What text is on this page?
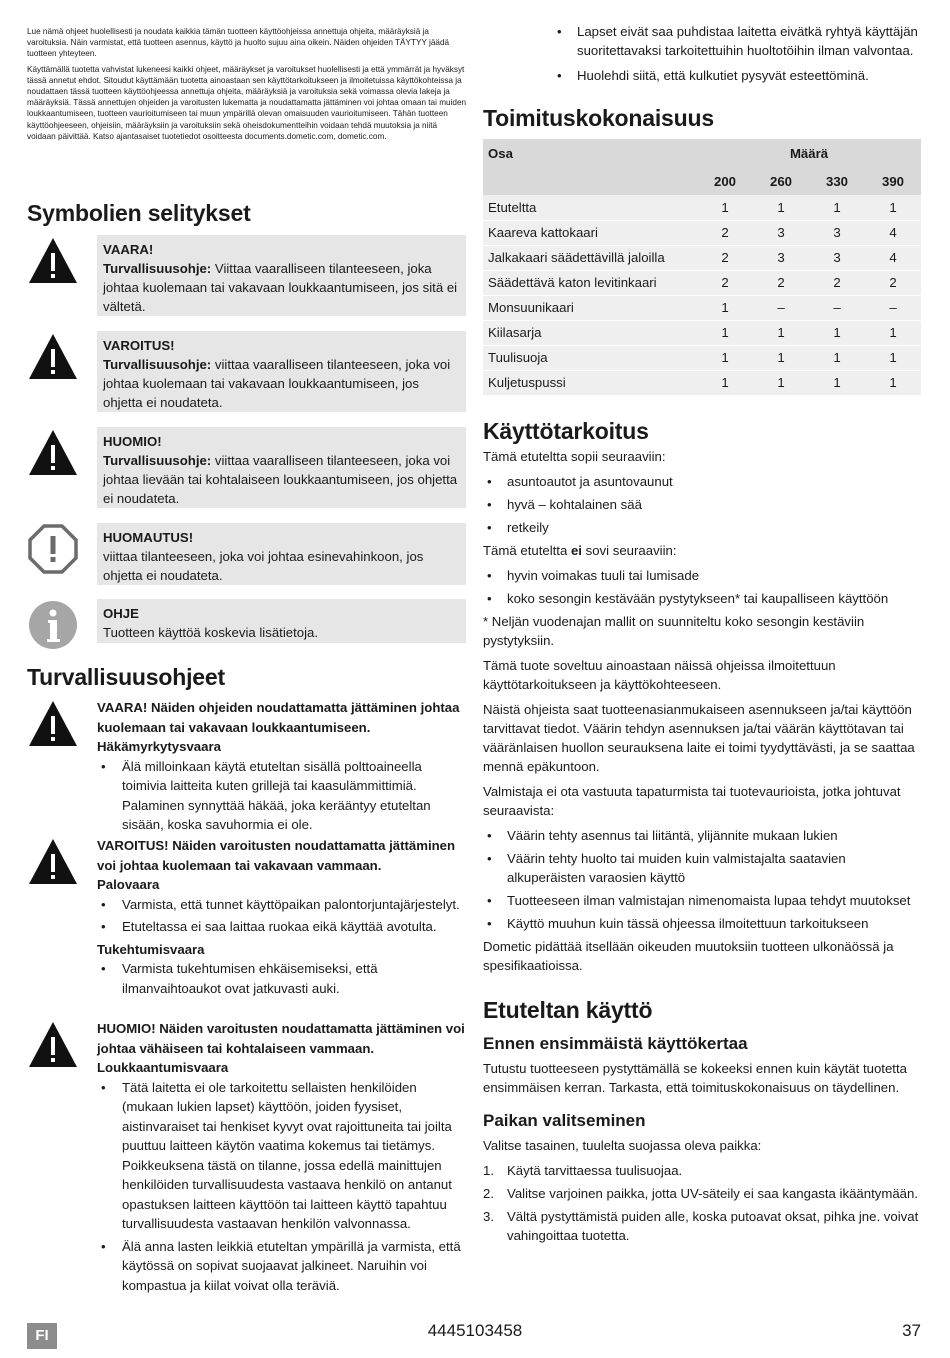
Lue nämä ohjeet huolellisesti ja noudata kaikkia tämän tuotteen käyttöohjeissa annettuja ohjeita, määräyksiä ja varoituksia. Näin varmistat, että tuotteen asennus, käyttö ja huolto sujuu aina oikein. Näiden ohjeiden TÄYTYY jäädä tuotteen yhteyteen.

Käyttämällä tuotetta vahvistat lukeneesi kaikki ohjeet, määräykset ja varoitukset huolellisesti ja että ymmärrät ja hyväksyt tässä annetut ehdot. Sitoudut käyttämään tuotetta ainoastaan sen käyttötarkoitukseen ja ilmoitetuissa käyttökohteissa ja noudattaen tässä tuotteen käyttöohjeessa annettuja ohjeita, määräyksiä ja varoituksia sekä voimassa olevia lakeja ja määräyksiä. Tässä annettujen ohjeiden ja varoitusten lukematta ja noudattamatta jättäminen voi johtaa omaan tai muiden loukkaantumiseen, tuotteen vaurioitumiseen tai muun ympärillä olevan omaisuuden vaurioitumiseen. Tähän tuotteen käyttöohjeeseen, ohjeisiin, määräyksiin ja varoituksiin sekä oheisdokumentteihin voidaan tehdä muutoksia ja niitä voidaan päivittää. Katso ajantasaiset tuotetiedot osoitteesta documents.dometic.com, dometic.com.

Symbolien selitykset
VAARA!
Turvallisuusohje: Viittaa vaaralliseen tilanteeseen, joka johtaa kuolemaan tai vakavaan loukkaantumiseen, jos sitä ei vältetä.
VAROITUS!
Turvallisuusohje: viittaa vaaralliseen tilanteeseen, joka voi johtaa kuolemaan tai vakavaan loukkaantumiseen, jos ohjetta ei noudateta.
HUOMIO!
Turvallisuusohje: viittaa vaaralliseen tilanteeseen, joka voi johtaa lievään tai kohtalaiseen loukkaantumiseen, jos ohjetta ei noudateta.
HUOMAUTUS!
viittaa tilanteeseen, joka voi johtaa esinevahinkoon, jos ohjetta ei noudateta.
OHJE
Tuotteen käyttöä koskevia lisätietoja.
Turvallisuusohjeet
VAARA! Näiden ohjeiden noudattamatta jättäminen johtaa kuolemaan tai vakavaan loukkaantumiseen.
Häkämyrkytysvaara
• Älä milloinkaan käytä etuteltan sisällä polttoaineella toimivia laitteita kuten grillejä tai kaasulämmittimiä. Palaminen synnyttää häkää, joka kerääntyy etuteltan sisään, koska savuhormia ei ole.
VAROITUS! Näiden varoitusten noudattamatta jättäminen voi johtaa kuolemaan tai vakavaan vammaan.
Palovaara
• Varmista, että tunnet käyttöpaikan palontorjuntajärjestelyt.
• Etuteltassa ei saa laittaa ruokaa eikä käyttää avotulta.
Tukehtumisvaara
• Varmista tukehtumisen ehkäisemiseksi, että ilmanvaihtoaukot ovat jatkuvasti auki.
HUOMIO! Näiden varoitusten noudattamatta jättäminen voi johtaa vähäiseen tai kohtalaiseen vammaan.
Loukkaantumisvaara
• Tätä laitetta ei ole tarkoitettu sellaisten henkilöiden (mukaan lukien lapset) käyttöön, joiden fyysiset, aistinvaraiset tai henkiset kyvyt ovat rajoittuneita tai joilta puuttuu laitteen käytön vaatima kokemus tai tietämys. Poikkeuksena tästä on tilanne, jossa edellä mainittujen henkilöiden turvallisuudesta vastaava henkilö on antanut opastuksen laitteen käyttöön tai laitteen käyttö tapahtuu turvallisuudesta vastaavan henkilön valvonnassa.
• Älä anna lasten leikkiä etuteltan ympärillä ja varmista, että käytössä on sopivat suojaavat jalkineet. Naruihin voi kompastua ja kiilat voivat olla teräviä.
• Lapset eivät saa puhdistaa laitetta eivätkä ryhtyä käyttäjän suoritettavaksi tarkoitettuihin huoltotöihin ilman valvontaa.
• Huolehdi siitä, että kulkutiet pysyvät esteettöminä.
Toimituskokonaisuus
Osa	Määrä			
	200	260	330	390
Etuteltta	1	1	1	1
Kaareva kattokaari	2	3	3	4
Jalkakaari säädettävillä jaloilla	2	3	3	4
Säädettävä katon levitinkaari	2	2	2	2
Monsuunikaari	1	–	–	–
Kiilasarja	1	1	1	1
Tuulisuoja	1	1	1	1
Kuljetuspussi	1	1	1	1
Käyttötarkoitus

Tämä etuteltta sopii seuraaviin:

• asuntoautot ja asuntovaunut
• hyvä – kohtalainen sää
• retkeily

Tämä etuteltta ei sovi seuraaviin:

• hyvin voimakas tuuli tai lumisade
• koko sesongin kestävään pystytykseen* tai kaupalliseen käyttöön

* Neljän vuodenajan mallit on suunniteltu koko sesongin kestäviin pystytyksiin.

Tämä tuote soveltuu ainoastaan näissä ohjeissa ilmoitettuun käyttötarkoitukseen ja käyttökohteeseen.

Näistä ohjeista saat tuotteenasianmukaiseen asennukseen ja/tai käyttöön tarvittavat tiedot. Väärin tehdyn asennuksen ja/tai väärän käyttötavan tai vääränlaisen huollon seurauksena laite ei toimi tyydyttävästi, ja se saattaa mennä epäkuntoon.

Valmistaja ei ota vastuuta tapaturmista tai tuotevaurioista, jotka johtuvat seuraavista:

• Väärin tehty asennus tai liitäntä, ylijännite mukaan lukien
• Väärin tehty huolto tai muiden kuin valmistajalta saatavien alkuperäisten varaosien käyttö
• Tuotteeseen ilman valmistajan nimenomaista lupaa tehdyt muutokset
• Käyttö muuhun kuin tässä ohjeessa ilmoitettuun tarkoitukseen

Dometic pidättää itsellään oikeuden muutoksiin tuotteen ulkonäössä ja spesifikaatioissa.

Etuteltan käyttö
Ennen ensimmäistä käyttökertaa

Tutustu tuotteeseen pystyttämällä se kokeeksi ennen kuin käytät tuotetta ensimmäisen kerran. Tarkasta, että toimituskokonaisuus on täydellinen.

Paikan valitseminen

Valitse tasainen, tuulelta suojassa oleva paikka:

1. Käytä tarvittaessa tuulisuojaa.
2. Valitse varjoinen paikka, jotta UV-säteily ei saa kangasta ikääntymään.
3. Vältä pystyttämistä puiden alle, koska putoavat oksat, pihka jne. voivat vahingoittaa tuotetta.
FI	4445103458	37
